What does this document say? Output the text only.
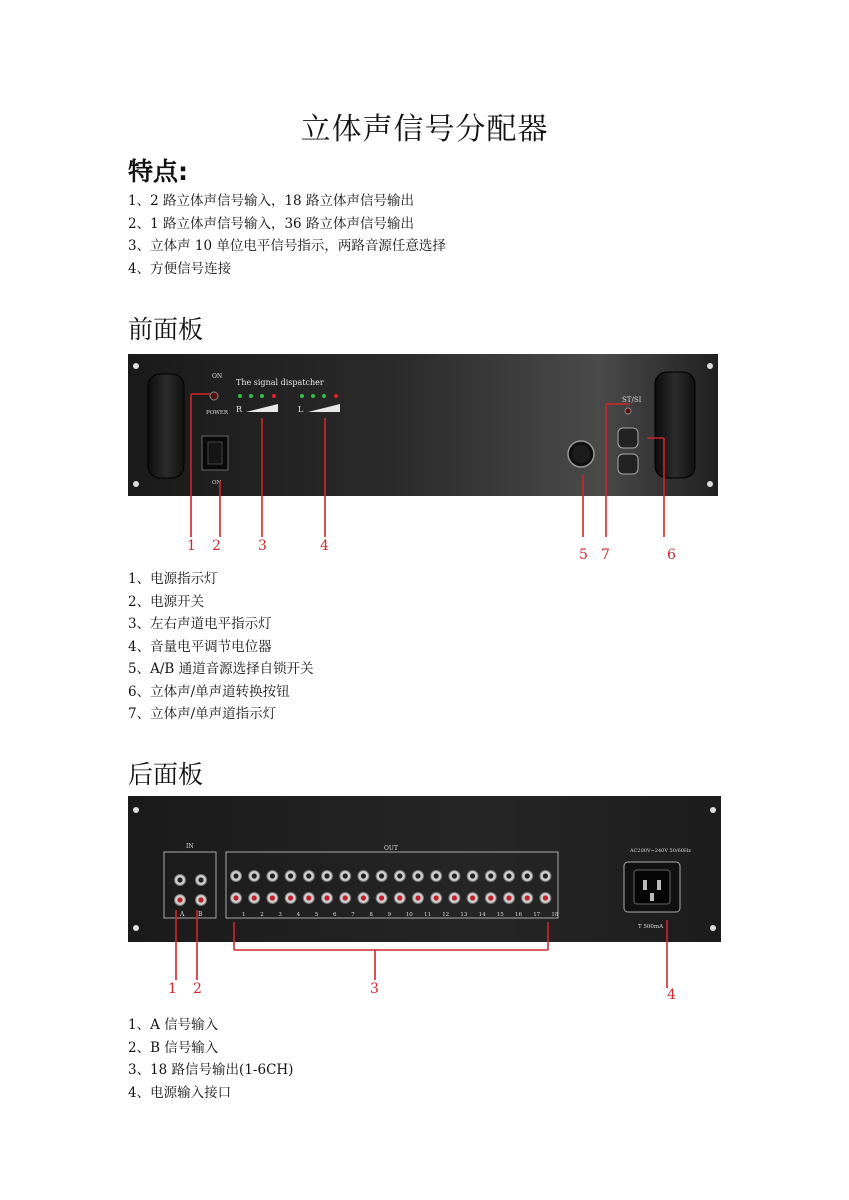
立体声信号分配器
特点:
1、2 路立体声信号输入，18 路立体声信号输出
2、1 路立体声信号输入，36 路立体声信号输出
3、立体声 10 单位电平信号指示，两路音源任意选择
4、方便信号连接
前面板
ON
POWER
ON
The signal dispatcher
R	L
ST/SI
1 2	3	4
5 7	6
1、电源指示灯
2、电源开关
3、左右声道电平指示灯
4、音量电平调节电位器
5、A/B 通道音源选择自锁开关
6、立体声/单声道转换按钮
7、立体声/单声道指示灯
后面板
IN
A B
OUT
1	2	3	4	5	6	7	8	9	10 11 12 13 14 15 16 17 18
AC200V~240V 50/60Hz
T 500mA
1 2	3	4
1、A 信号输入
2、B 信号输入
3、18 路信号输出(1-6CH)
4、电源输入接口
